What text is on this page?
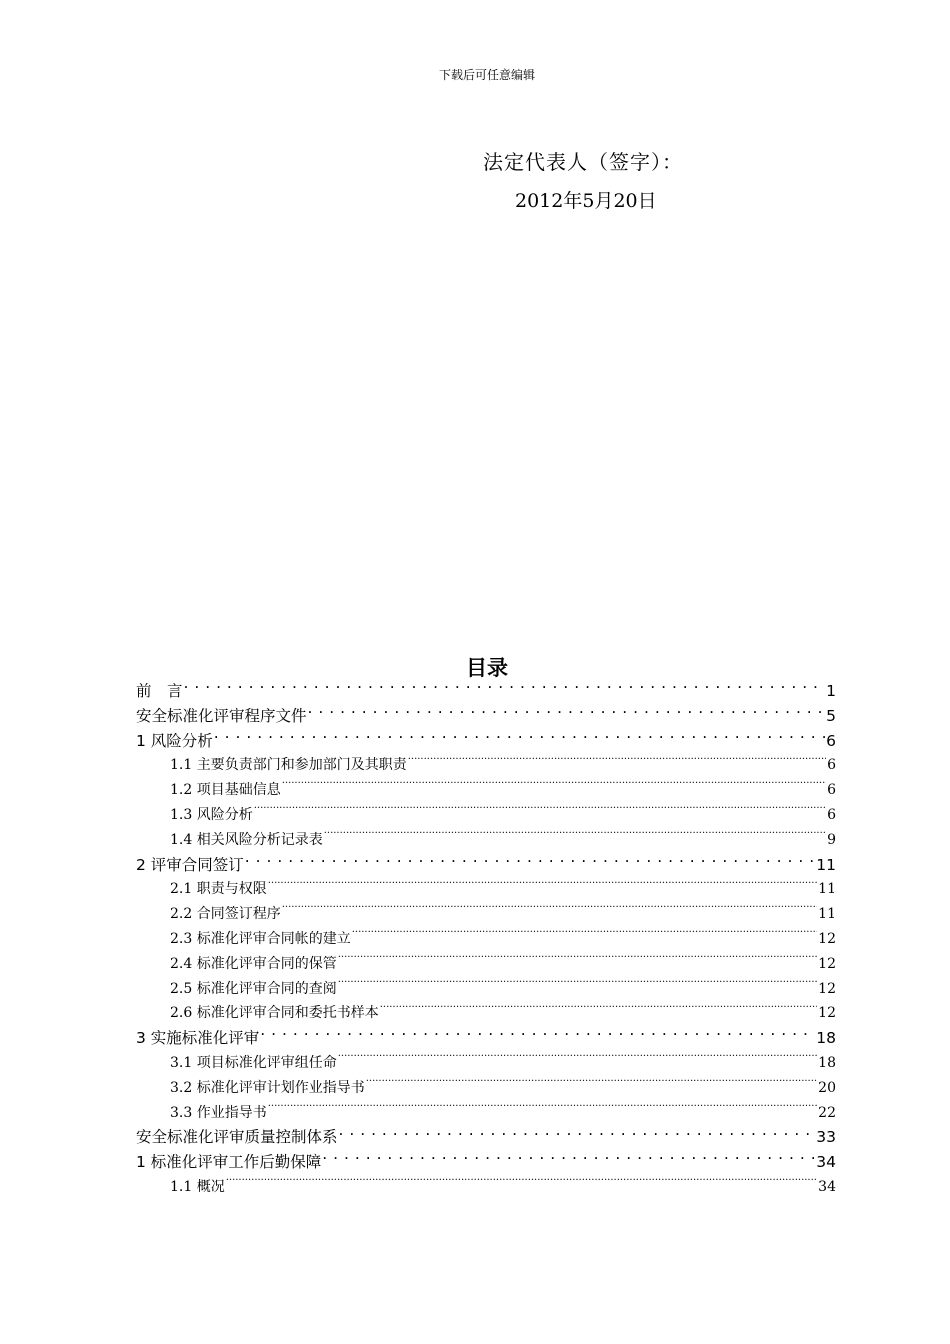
下载后可任意编辑
法定代表人（签字）：
2012年5月20日
目录
前　言 . . .	1
安全标准化评审程序文件 . . .	5
1 风险分析 . . .	6
1.1 主要负责部门和参加部门及其职责 .....	6
1.2 项目基础信息 .....	6
1.3 风险分析 .....	6
1.4 相关风险分析记录表 .....	9
2 评审合同签订 . . .	11
2.1 职责与权限 .....	11
2.2 合同签订程序 .....	11
2.3 标准化评审合同帐的建立 .....	12
2.4 标准化评审合同的保管 .....	12
2.5 标准化评审合同的查阅 .....	12
2.6 标准化评审合同和委托书样本 .....	12
3 实施标准化评审 . . .	18
3.1 项目标准化评审组任命 .....	18
3.2 标准化评审计划作业指导书 .....	20
3.3 作业指导书 .....	22
安全标准化评审质量控制体系 . . .	33
1 标准化评审工作后勤保障 . . .	34
1.1 概况 .....	34
